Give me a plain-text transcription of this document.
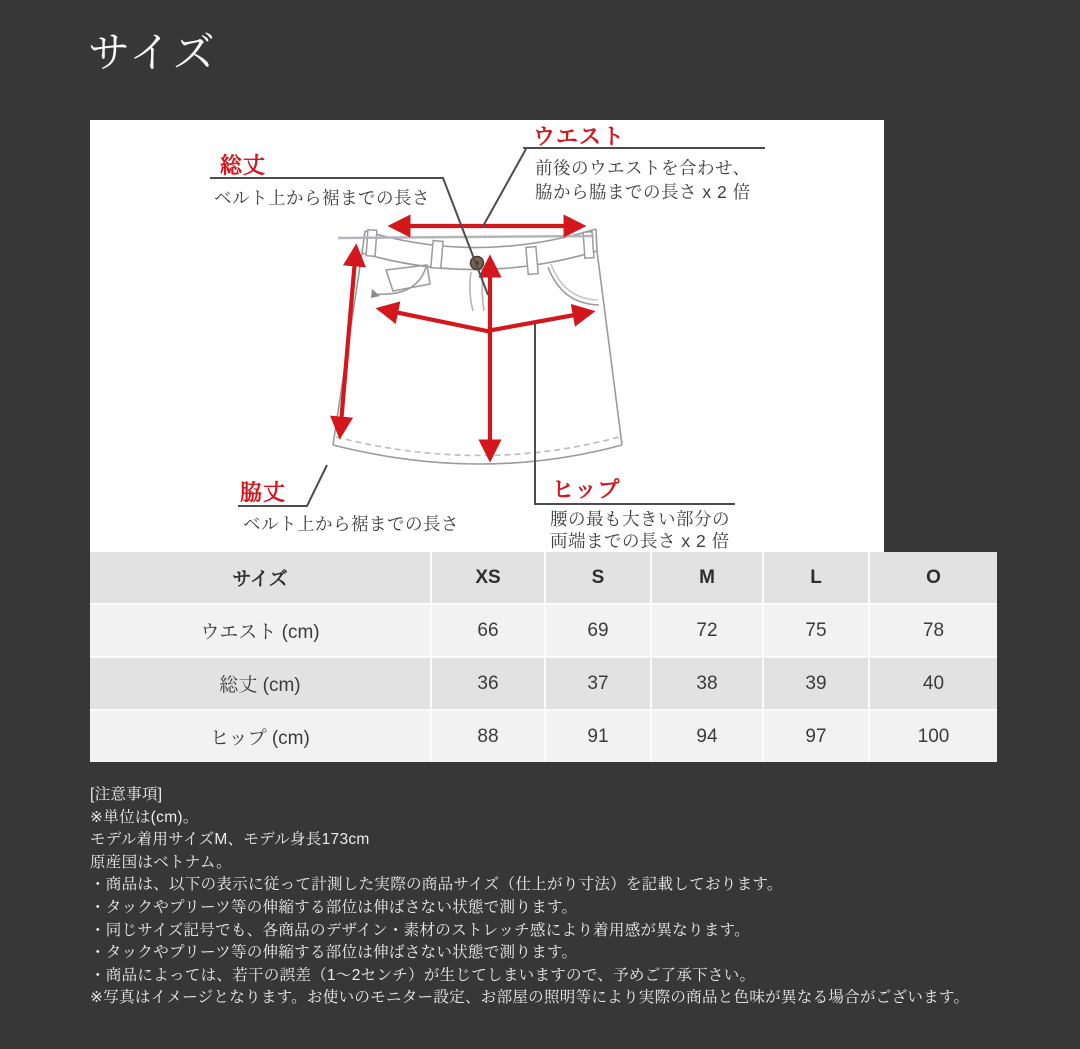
サイズ
総丈
ベルト上から裾までの長さ
ウエスト
前後のウエストを合わせ、
脇から脇までの長さ x 2 倍
脇丈
ベルト上から裾までの長さ
ヒップ
腰の最も大きい部分の
両端までの長さ x 2 倍
サイズ	XS	S	M	L	O
ウエスト (cm)	66	69	72	75	78
総丈 (cm)	36	37	38	39	40
ヒップ (cm)	88	91	94	97	100
[注意事項]
※単位は(cm)。
モデル着用サイズM、モデル身長173cm
原産国はベトナム。
・商品は、以下の表示に従って計測した実際の商品サイズ（仕上がり寸法）を記載しております。
・タックやプリーツ等の伸縮する部位は伸ばさない状態で測ります。
・同じサイズ記号でも、各商品のデザイン・素材のストレッチ感により着用感が異なります。
・タックやプリーツ等の伸縮する部位は伸ばさない状態で測ります。
・商品によっては、若干の誤差（1～2センチ）が生じてしまいますので、予めご了承下さい。
※写真はイメージとなります。お使いのモニター設定、お部屋の照明等により実際の商品と色味が異なる場合がございます。
